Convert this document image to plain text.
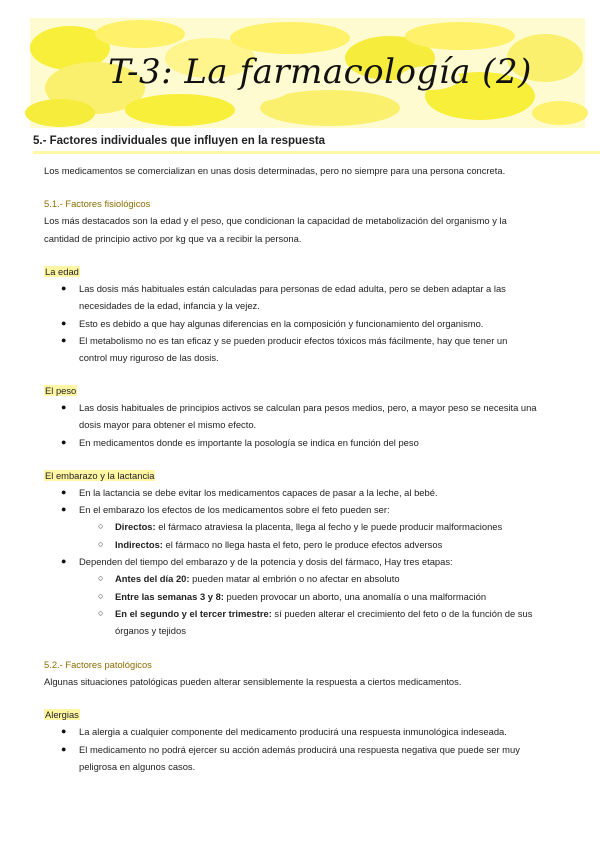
T-3: La farmacología (2)
5.- Factores individuales que influyen en la respuesta
Los medicamentos se comercializan en unas dosis determinadas, pero no siempre para una persona concreta.
5.1.- Factores fisiológicos
Los más destacados son la edad y el peso, que condicionan la capacidad de metabolización del organismo y la
cantidad de principio activo por kg que va a recibir la persona.
La edad
● Las dosis más habituales están calculadas para personas de edad adulta, pero se deben adaptar a las
necesidades de la edad, infancia y la vejez.
● Esto es debido a que hay algunas diferencias en la composición y funcionamiento del organismo.
● El metabolismo no es tan eficaz y se pueden producir efectos tóxicos más fácilmente, hay que tener un
control muy riguroso de las dosis.
El peso
● Las dosis habituales de principios activos se calculan para pesos medios, pero, a mayor peso se necesita una
dosis mayor para obtener el mismo efecto.
● En medicamentos donde es importante la posología se indica en función del peso
El embarazo y la lactancia
● En la lactancia se debe evitar los medicamentos capaces de pasar a la leche, al bebé.
● En el embarazo los efectos de los medicamentos sobre el feto pueden ser:
○ Directos: el fármaco atraviesa la placenta, llega al fecho y le puede producir malformaciones
○ Indirectos: el fármaco no llega hasta el feto, pero le produce efectos adversos
● Dependen del tiempo del embarazo y de la potencia y dosis del fármaco, Hay tres etapas:
○ Antes del día 20: pueden matar al embrión o no afectar en absoluto
○ Entre las semanas 3 y 8: pueden provocar un aborto, una anomalía o una malformación
○ En el segundo y el tercer trimestre: sí pueden alterar el crecimiento del feto o de la función de sus
órganos y tejidos
5.2.- Factores patológicos
Algunas situaciones patológicas pueden alterar sensiblemente la respuesta a ciertos medicamentos.
Alergias
● La alergia a cualquier componente del medicamento producirá una respuesta inmunológica indeseada.
● El medicamento no podrá ejercer su acción además producirá una respuesta negativa que puede ser muy
peligrosa en algunos casos.
